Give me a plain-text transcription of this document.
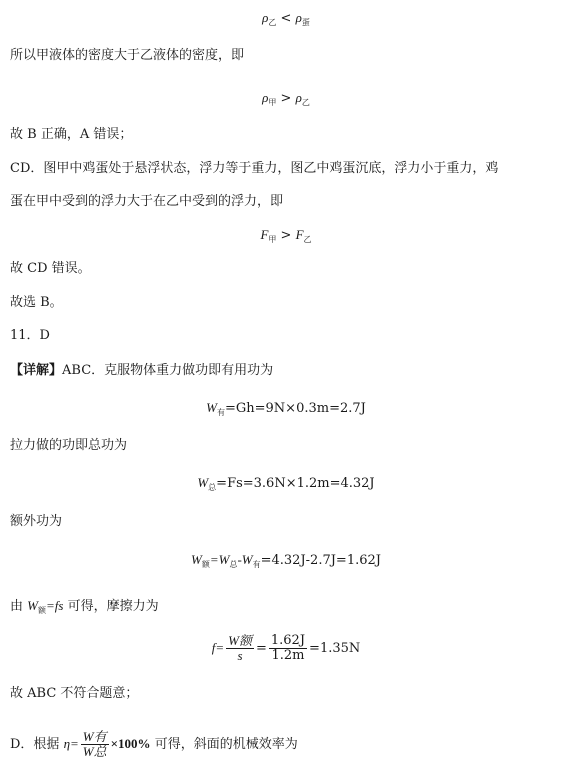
$\rho_乙 < \rho_蛋$
所以甲液体的密度大于乙液体的密度，即
$\rho_甲 > \rho_乙$
故 B 正确，A 错误；
CD．图甲中鸡蛋处于悬浮状态，浮力等于重力，图乙中鸡蛋沉底，浮力小于重力，鸡
蛋在甲中受到的浮力大于在乙中受到的浮力，即
$F_甲 > F_乙$
故 CD 错误。
故选 B。
11．D
【详解】ABC．克服物体重力做功即有用功为
$W_有=Gh=9N\times 0.3m=2.7J$
拉力做的功即总功为
$W_总=Fs=3.6N\times 1.2m=4.32J$
额外功为
$W_额=W_总-W_有=4.32J-2.7J=1.62J$
由 $W_额=fs$ 可得，摩擦力为
$f= \frac{\text{W额}}{s} = \frac{1.62J}{1.2m} =1.35N$
故 ABC 不符合题意；
D．根据 $\eta= \frac{\text{W有}}{\text{W总}} \times 100\%$ 可得，斜面的机械效率为
